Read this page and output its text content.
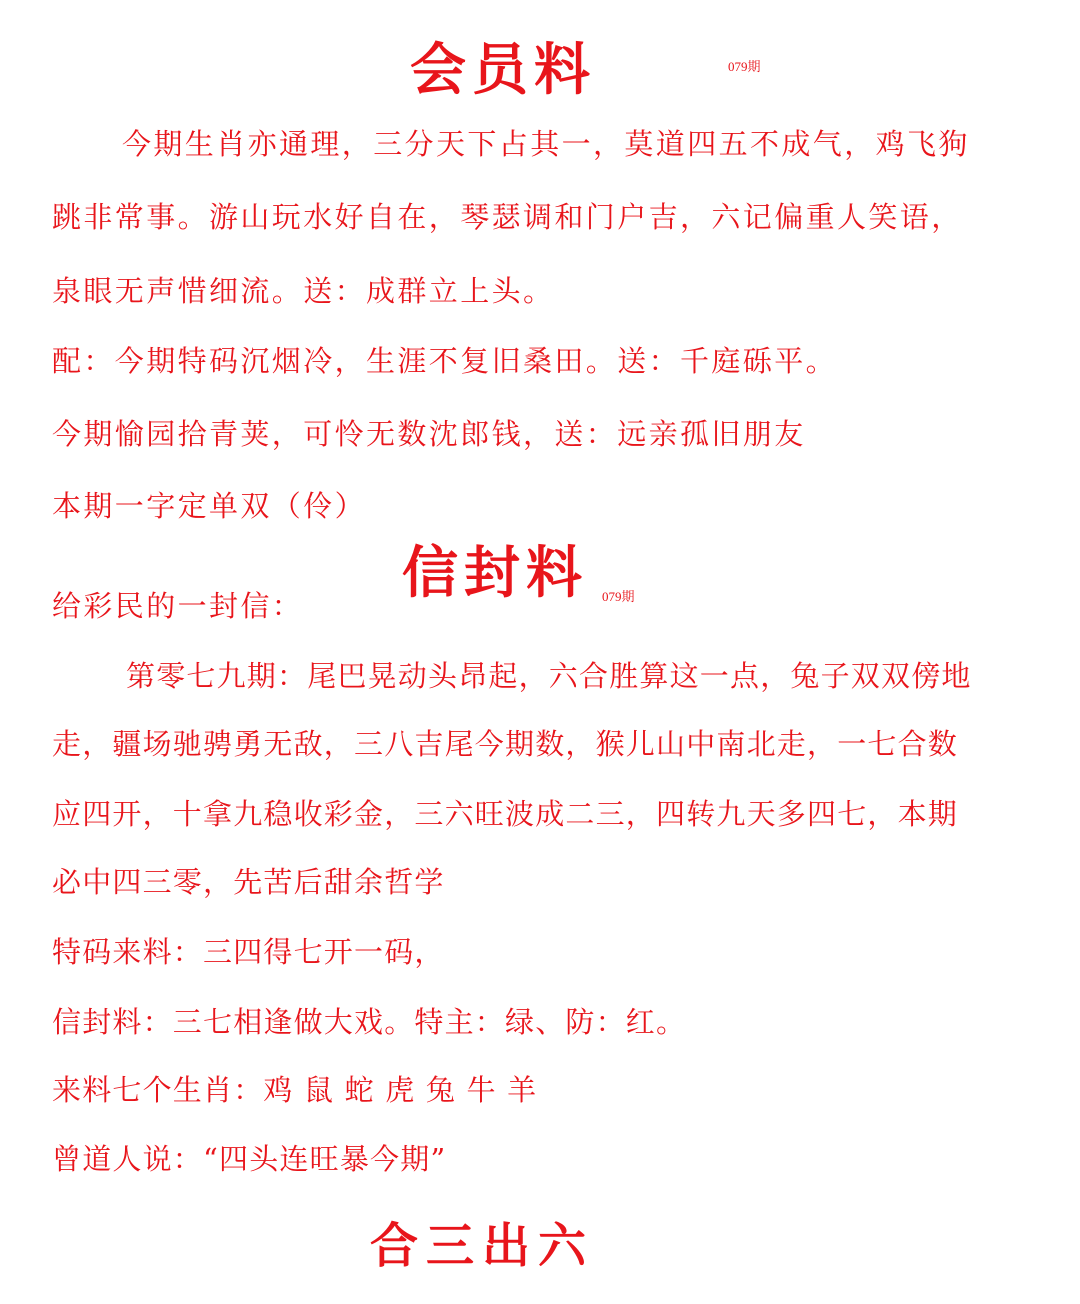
会员料	079期
今期生肖亦通理，三分天下占其一，莫道四五不成气，鸡飞狗
跳非常事。游山玩水好自在，琴瑟调和门户吉，六记偏重人笑语，
泉眼无声惜细流。送：成群立上头。
配：今期特码沉烟冷，生涯不复旧桑田。送：千庭砾平。
今期愉园拾青荚，可怜无数沈郎钱，送：远亲孤旧朋友
本期一字定单双（伶）
信封料 079期
给彩民的一封信：
第零七九期：尾巴晃动头昂起，六合胜算这一点，兔子双双傍地
走，疆场驰骋勇无敌，三八吉尾今期数，猴儿山中南北走，一七合数
应四开，十拿九稳收彩金，三六旺波成二三，四转九天多四七，本期
必中四三零，先苦后甜余哲学
特码来料：三四得七开一码，
信封料：三七相逢做大戏。特主：绿、防：红。
来料七个生肖：鸡 鼠 蛇 虎 兔 牛 羊
曾道人说：“四头连旺暴今期”
合三出六
